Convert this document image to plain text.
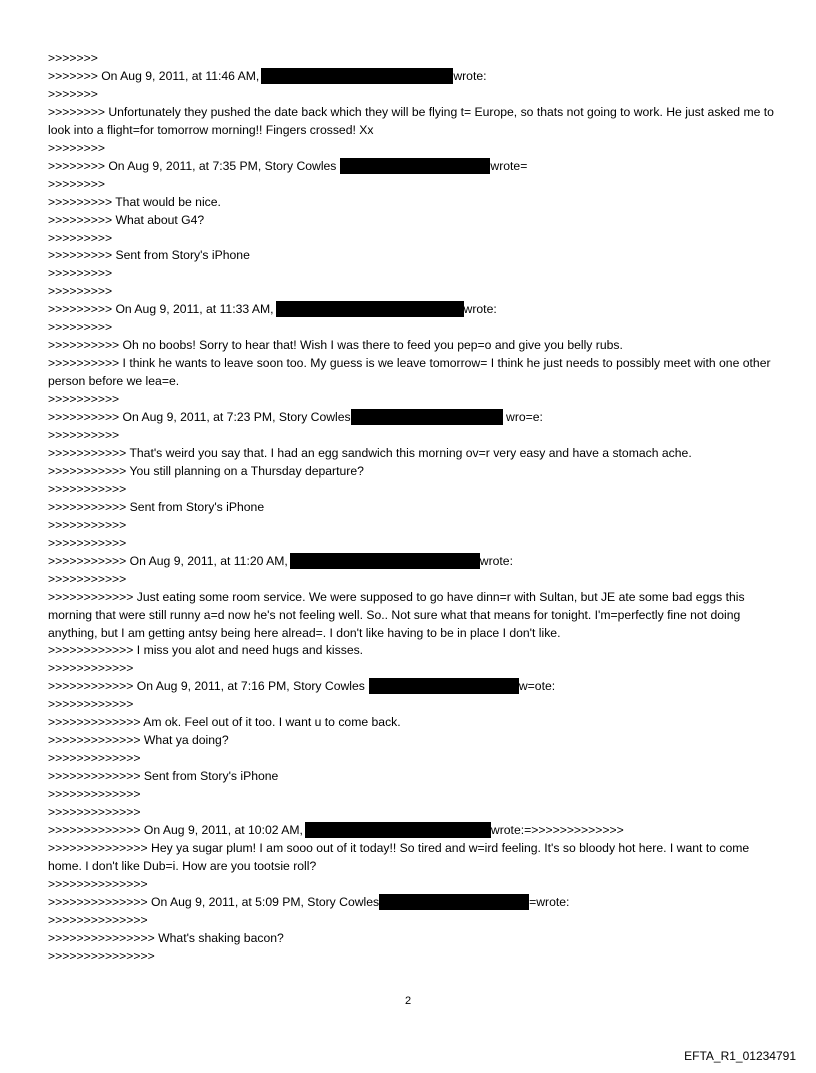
>>>>>>>
>>>>>>> On Aug 9, 2011, at 11:46 AM,	wrote:
>>>>>>>
>>>>>>>> Unfortunately they pushed the date back which they will be flying t= Europe, so thats not going to work. He just asked me to look into a flight=for tomorrow morning!! Fingers crossed! Xx
>>>>>>>>
>>>>>>>> On Aug 9, 2011, at 7:35 PM, Story Cowles	wrote=
>>>>>>>>
>>>>>>>>> That would be nice.
>>>>>>>>> What about G4?
>>>>>>>>>
>>>>>>>>> Sent from Story's iPhone
>>>>>>>>>
>>>>>>>>>
>>>>>>>>> On Aug 9, 2011, at 11:33 AM,	wrote:
>>>>>>>>>
>>>>>>>>>> Oh no boobs! Sorry to hear that! Wish I was there to feed you pep=o and give you belly rubs.
>>>>>>>>>> I think he wants to leave soon too. My guess is we leave tomorrow= I think he just needs to possibly meet with one other person before we lea=e.
>>>>>>>>>>
>>>>>>>>>> On Aug 9, 2011, at 7:23 PM, Story Cowles	wro=e:
>>>>>>>>>>
>>>>>>>>>>> That's weird you say that. I had an egg sandwich this morning ov=r very easy and have a stomach ache.
>>>>>>>>>>> You still planning on a Thursday departure?
>>>>>>>>>>>
>>>>>>>>>>> Sent from Story's iPhone
>>>>>>>>>>>
>>>>>>>>>>>
>>>>>>>>>>> On Aug 9, 2011, at 11:20 AM,	wrote:
>>>>>>>>>>>
>>>>>>>>>>>> Just eating some room service. We were supposed to go have dinn=r with Sultan, but JE ate some bad eggs this morning that were still runny a=d now he's not feeling well. So.. Not sure what that means for tonight. I'm=perfectly fine not doing anything, but I am getting antsy being here alread=. I don't like having to be in place I don't like.
>>>>>>>>>>>> I miss you alot and need hugs and kisses.
>>>>>>>>>>>>
>>>>>>>>>>>> On Aug 9, 2011, at 7:16 PM, Story Cowles	w=ote:
>>>>>>>>>>>>
>>>>>>>>>>>>> Am ok. Feel out of it too. I want u to come back.
>>>>>>>>>>>>> What ya doing?
>>>>>>>>>>>>>
>>>>>>>>>>>>> Sent from Story's iPhone
>>>>>>>>>>>>>
>>>>>>>>>>>>>
>>>>>>>>>>>>> On Aug 9, 2011, at 10:02 AM,	wrote:=>>>>>>>>>>>>>
>>>>>>>>>>>>>> Hey ya sugar plum! I am sooo out of it today!! So tired and w=ird feeling. It's so bloody hot here. I want to come home. I don't like Dub=i. How are you tootsie roll?
>>>>>>>>>>>>>>
>>>>>>>>>>>>>> On Aug 9, 2011, at 5:09 PM, Story Cowles	=wrote:
>>>>>>>>>>>>>>
>>>>>>>>>>>>>>> What's shaking bacon?
>>>>>>>>>>>>>>>
2
EFTA_R1_01234791
